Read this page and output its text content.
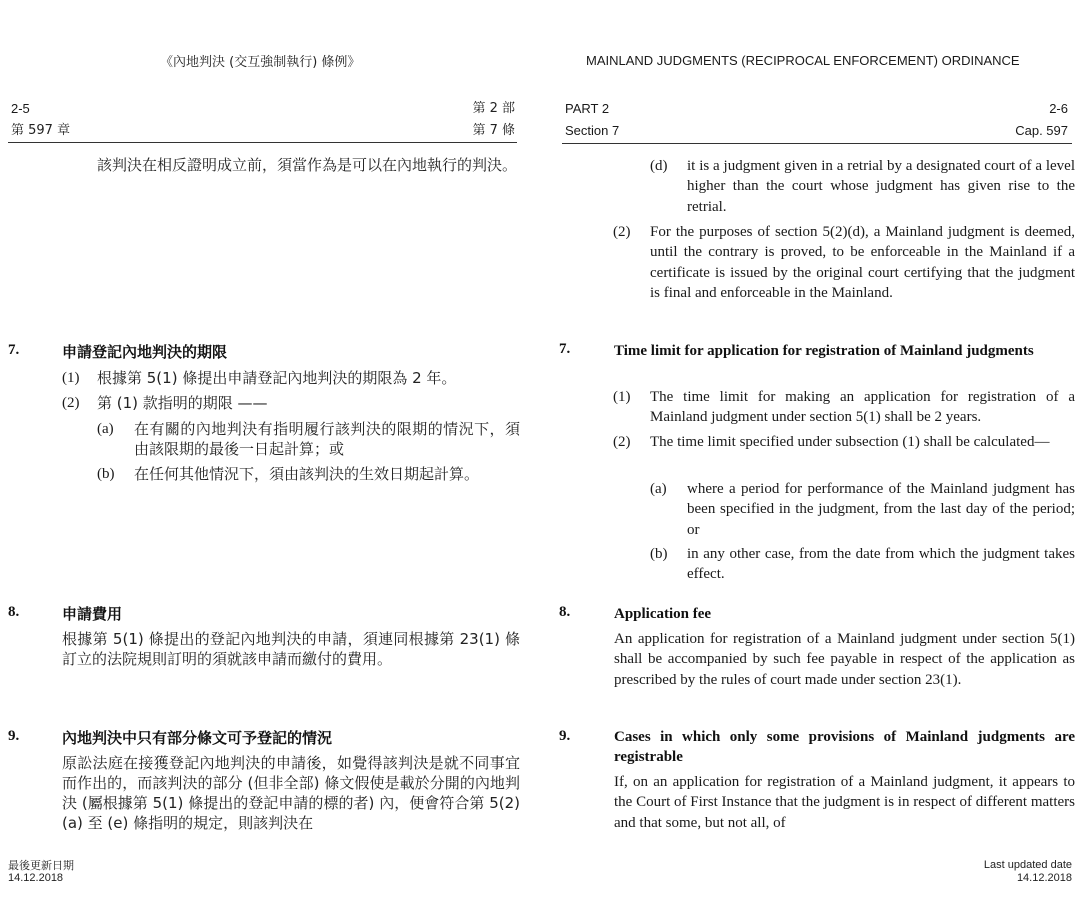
《內地判決 (交互強制執行) 條例》	MAINLAND JUDGMENTS (RECIPROCAL ENFORCEMENT) ORDINANCE
2-5
第 597 章
第 2 部
第 7 條
PART 2
Section 7
2-6
Cap. 597
該判決在相反證明成立前，須當作為是可以在內地執行的判決。
7.	申請登記內地判決的期限
(1) 根據第 5(1) 條提出申請登記內地判決的期限為 2 年。
(2) 第 (1) 款指明的期限 ——
(a) 在有關的內地判決有指明履行該判決的限期的情況下，須由該限期的最後一日起計算；或
(b) 在任何其他情況下，須由該判決的生效日期起計算。
8.	申請費用
根據第 5(1) 條提出的登記內地判決的申請，須連同根據第 23(1) 條訂立的法院規則訂明的須就該申請而繳付的費用。
9.	內地判決中只有部分條文可予登記的情況
原訟法庭在接獲登記內地判決的申請後，如覺得該判決是就不同事宜而作出的，而該判決的部分 (但非全部) 條文假使是載於分開的內地判決 (屬根據第 5(1) 條提出的登記申請的標的者) 內，便會符合第 5(2)(a) 至 (e) 條指明的規定，則該判決在
(d) it is a judgment given in a retrial by a designated court of a level higher than the court whose judgment has given rise to the retrial.
(2) For the purposes of section 5(2)(d), a Mainland judgment is deemed, until the contrary is proved, to be enforceable in the Mainland if a certificate is issued by the original court certifying that the judgment is final and enforceable in the Mainland.
7.	Time limit for application for registration of Mainland judgments
(1) The time limit for making an application for registration of a Mainland judgment under section 5(1) shall be 2 years.
(2) The time limit specified under subsection (1) shall be calculated—
(a) where a period for performance of the Mainland judgment has been specified in the judgment, from the last day of the period; or
(b) in any other case, from the date from which the judgment takes effect.
8.	Application fee
An application for registration of a Mainland judgment under section 5(1) shall be accompanied by such fee payable in respect of the application as prescribed by the rules of court made under section 23(1).
9.	Cases in which only some provisions of Mainland judgments are registrable
If, on an application for registration of a Mainland judgment, it appears to the Court of First Instance that the judgment is in respect of different matters and that some, but not all, of
最後更新日期
14.12.2018
Last updated date
14.12.2018
